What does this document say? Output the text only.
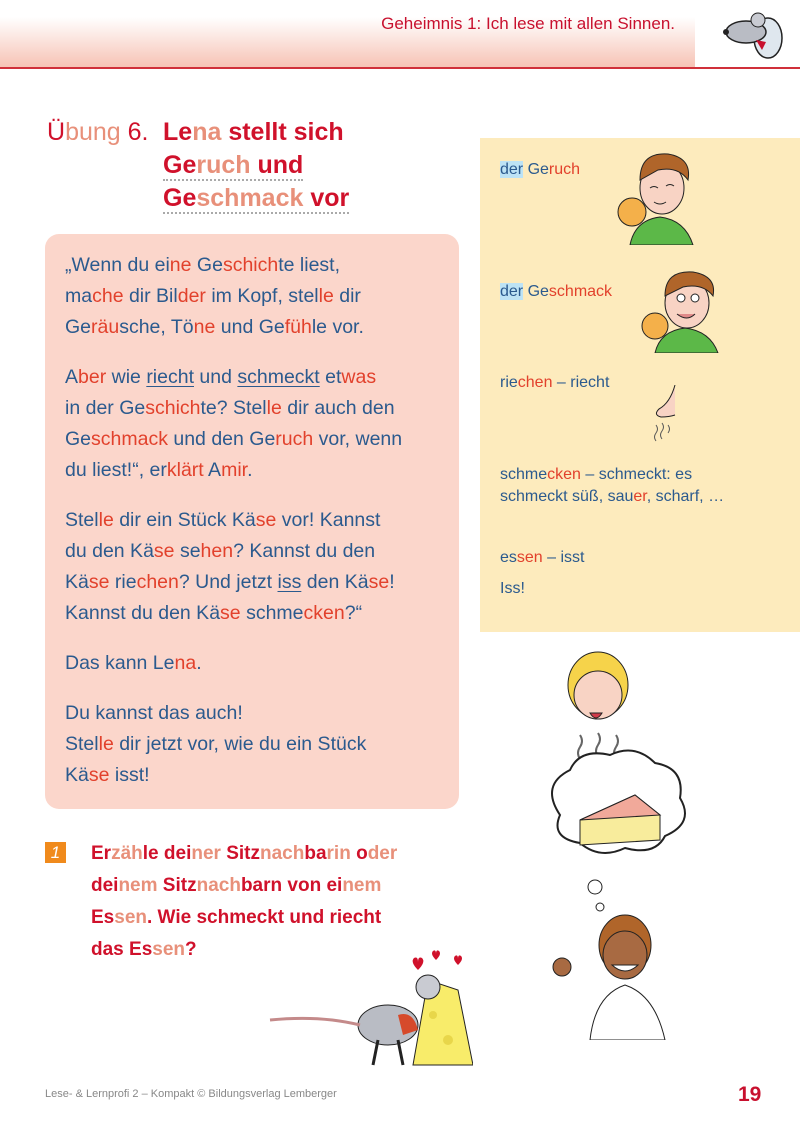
Geheimnis 1: Ich lese mit allen Sinnen.
Übung 6. Lena stellt sich
Geruch und
Geschmack vor
„Wenn du eine Geschichte liest,
mache dir Bilder im Kopf, stelle dir
Geräusche, Töne und Gefühle vor.
Aber wie riecht und schmeckt etwas
in der Geschichte? Stelle dir auch den
Geschmack und den Geruch vor, wenn
du liest!“, erklärt Amir.
Stelle dir ein Stück Käse vor! Kannst
du den Käse sehen? Kannst du den
Käse riechen? Und jetzt iss den Käse!
Kannst du den Käse schmecken?“
Das kann Lena.
Du kannst das auch!
Stelle dir jetzt vor, wie du ein Stück
Käse isst!
der Geruch
der Geschmack
riechen – riecht
schmecken – schmeckt: es
schmeckt süß, sauer, scharf, …
essen – isst
Iss!
1	Erzähle deiner Sitznachbarin oder
deinem Sitznachbarn von einem
Essen. Wie schmeckt und riecht
das Essen?
Lese- & Lernprofi 2 – Kompakt © Bildungsverlag Lemberger	19
